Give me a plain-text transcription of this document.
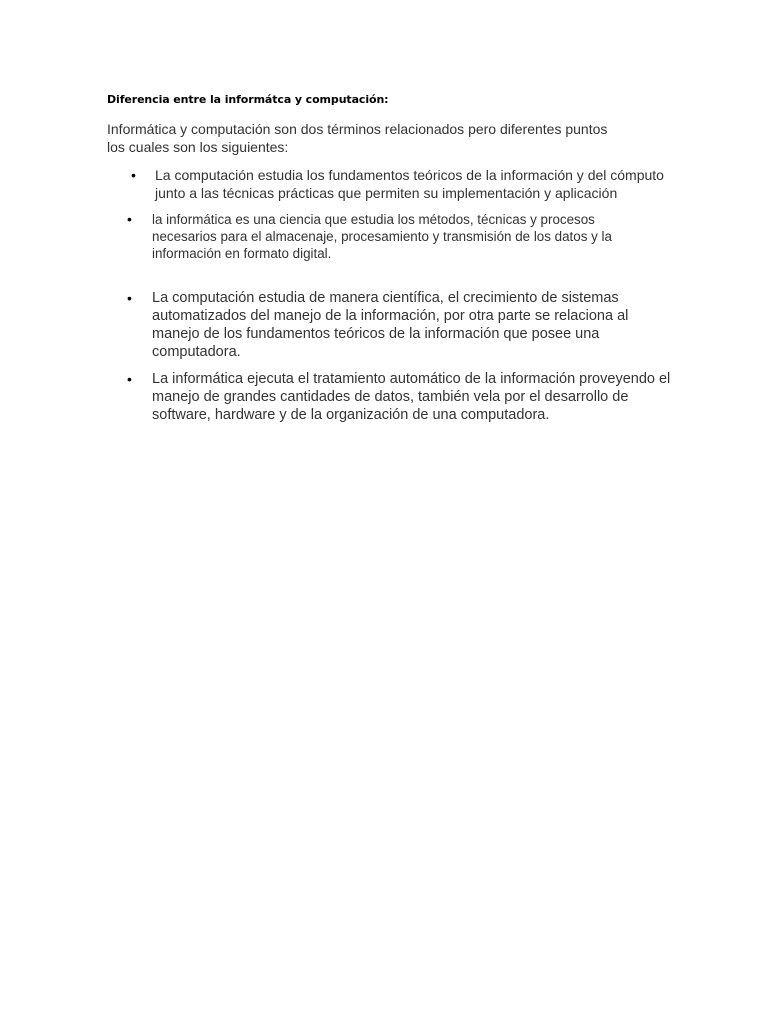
Diferencia entre la informátca y computación:
Informática y computación son dos términos relacionados pero diferentes puntos los cuales son los siguientes:
• La computación estudia los fundamentos teóricos de la información y del cómputo junto a las técnicas prácticas que permiten su implementación y aplicación
• la informática es una ciencia que estudia los métodos, técnicas y procesos necesarios para el almacenaje, procesamiento y transmisión de los datos y la información en formato digital.
• La computación estudia de manera científica, el crecimiento de sistemas automatizados del manejo de la información, por otra parte se relaciona al manejo de los fundamentos teóricos de la información que posee una computadora.
• La informática ejecuta el tratamiento automático de la información proveyendo el manejo de grandes cantidades de datos, también vela por el desarrollo de software, hardware y de la organización de una computadora.
